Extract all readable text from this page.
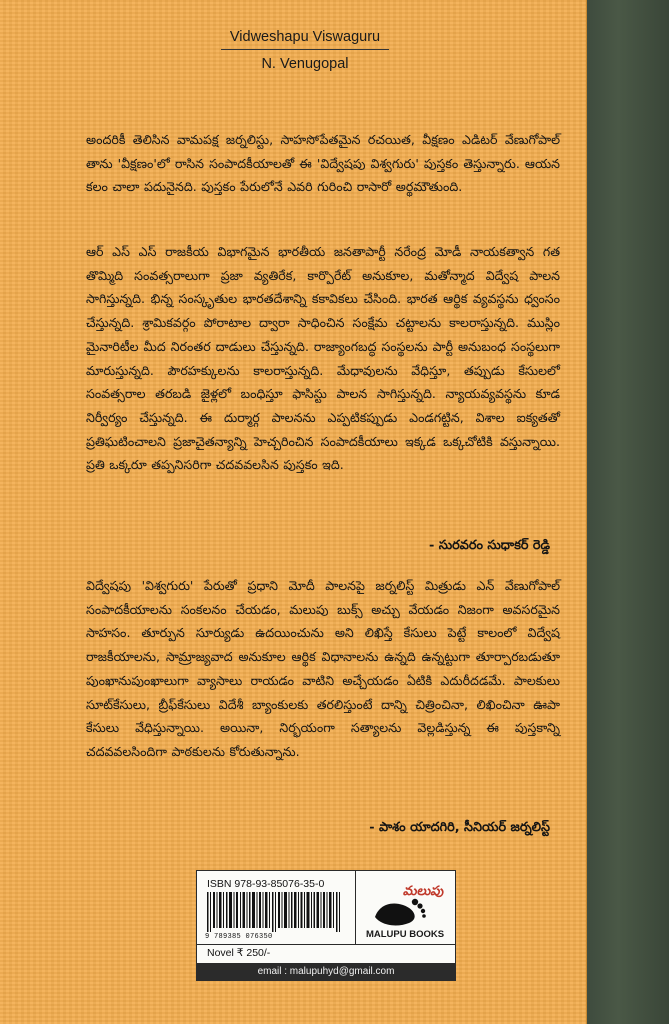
Vidweshapu Viswaguru
N. Venugopal
అందరికీ తెలిసిన వామపక్ష జర్నలిస్టు, సాహసోపేతమైన రచయిత, వీక్షణం ఎడిటర్ వేణుగోపాల్ తాను 'వీక్షణం'లో రాసిన సంపాదకీయాలతో ఈ 'విద్వేషపు విశ్వగురు' పుస్తకం తెస్తున్నారు. ఆయన కలం చాలా పదునైనది. పుస్తకం పేరులోనే ఎవరి గురించి రాసారో అర్థమౌతుంది.
ఆర్ ఎస్ ఎస్ రాజకీయ విభాగమైన భారతీయ జనతాపార్టీ నరేంద్ర మోడీ నాయకత్వాన గత తొమ్మిది సంవత్సరాలుగా ప్రజా వ్యతిరేక, కార్పొరేట్ అనుకూల, మతోన్మాద విద్వేష పాలన సాగిస్తున్నది. భిన్న సంస్కృతుల భారతదేశాన్ని కకావికలు చేసింది. భారత ఆర్థిక వ్యవస్థను ధ్వంసం చేస్తున్నది. శ్రామికవర్గం పోరాటాల ద్వారా సాధించిన సంక్షేమ చట్టాలను కాలరాస్తున్నది. ముస్లిం మైనారిటీల మీద నిరంతర దాడులు చేస్తున్నది. రాజ్యాంగబద్ధ సంస్థలను పార్టీ అనుబంధ సంస్థలుగా మారుస్తున్నది. పౌరహక్కులను కాలరాస్తున్నది. మేధావులను వేధిస్తూ, తప్పుడు కేసులలో సంవత్సరాల తరబడి జైళ్లలో బంధిస్తూ ఫాసిస్టు పాలన సాగిస్తున్నది. న్యాయవ్యవస్థను కూడ నిర్వీర్యం చేస్తున్నది. ఈ దుర్మార్గ పాలనను ఎప్పటికప్పుడు ఎండగట్టిన, విశాల ఐక్యతతో ప్రతిఘటించాలని ప్రజాచైతన్యాన్ని హెచ్చరించిన సంపాదకీయాలు ఇక్కడ ఒక్కచోటికి వస్తున్నాయి. ప్రతి ఒక్కరూ తప్పనిసరిగా చదవవలసిన పుస్తకం ఇది.
- సురవరం సుధాకర్ రెడ్డి
విద్వేషపు 'విశ్వగురు' పేరుతో ప్రధాని మోదీ పాలనపై జర్నలిస్ట్ మిత్రుడు ఎన్ వేణుగోపాల్ సంపాదకీయాలను సంకలనం చేయడం, మలుపు బుక్స్ అచ్చు వేయడం నిజంగా అవసరమైన సాహసం. తూర్పున సూర్యుడు ఉదయించును అని లిఖిస్తే కేసులు పెట్టే కాలంలో విద్వేష రాజకీయాలను, సామ్రాజ్యవాద అనుకూల ఆర్థిక విధానాలను ఉన్నది ఉన్నట్టుగా తూర్పారబడుతూ పుంఖానుపుంఖాలుగా వ్యాసాలు రాయడం వాటిని అచ్చేయడం ఏటికి ఎదురీదడమే. పాలకులు సూట్‌కేసులు, బ్రీఫ్‌కేసులు విదేశీ బ్యాంకులకు తరలిస్తుంటే దాన్ని చిత్రించినా, లిఖించినా ఊపా కేసులు వేధిస్తున్నాయి. అయినా, నిర్భయంగా సత్యాలను వెల్లడిస్తున్న ఈ పుస్తకాన్ని చదవవలసిందిగా పాఠకులను కోరుతున్నాను.
- పాశం యాదగిరి, సీనియర్ జర్నలిస్ట్
ISBN 978-93-85076-35-0
9 789385 076350
మలుపు
MALUPU BOOKS
Novel ₹ 250/-
email : malupuhyd@gmail.com
